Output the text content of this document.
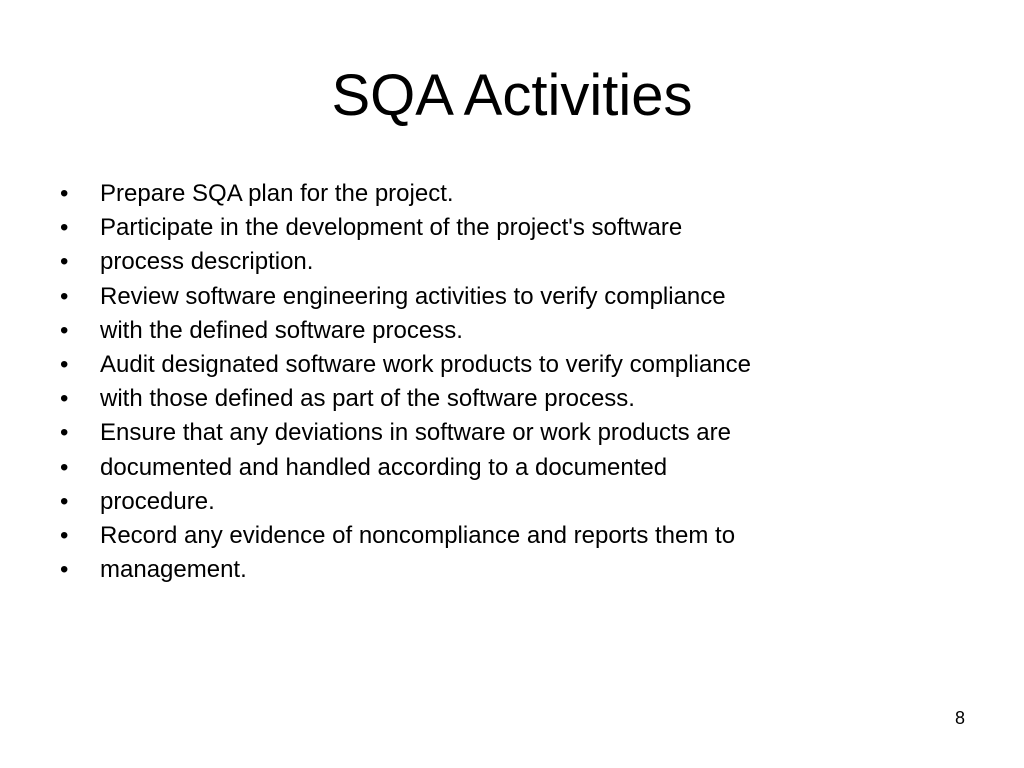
SQA Activities
•	Prepare SQA plan for the project.
•	Participate in the development of the project's software
•	process description.
•	Review software engineering activities to verify compliance
•	with the defined software process.
•	Audit designated software work products to verify compliance
•	with those defined as part of the software process.
•	Ensure that any deviations in software or work products are
•	documented and handled according to a documented
•	procedure.
•	Record any evidence of noncompliance and reports them to
•	management.
8
